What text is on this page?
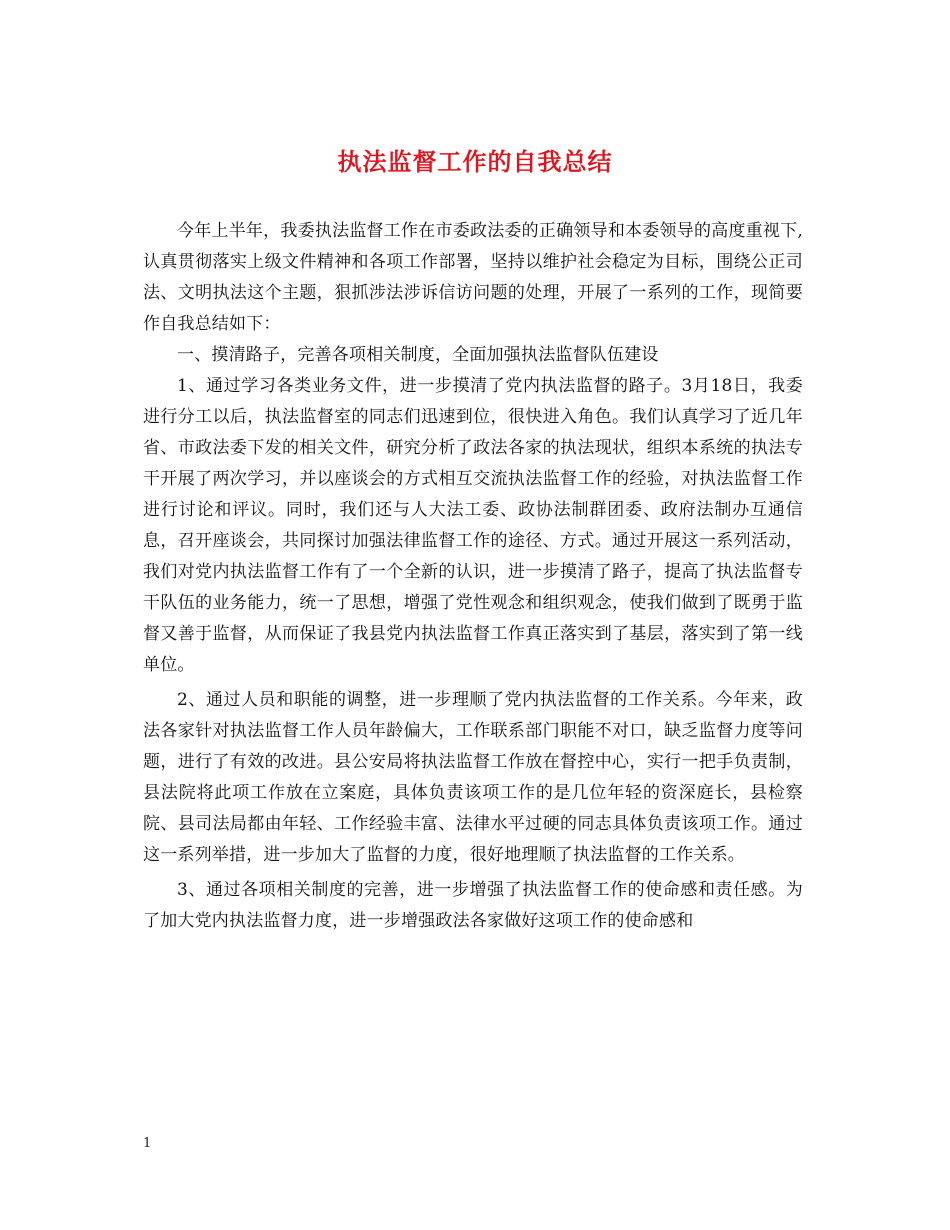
执法监督工作的自我总结

今年上半年，我委执法监督工作在市委政法委的正确领导和本委领导的高度重视下,认真贯彻落实上级文件精神和各项工作部署，坚持以维护社会稳定为目标，围绕公正司法、文明执法这个主题，狠抓涉法涉诉信访问题的处理，开展了一系列的工作，现简要作自我总结如下：

一、摸清路子，完善各项相关制度，全面加强执法监督队伍建设

1、通过学习各类业务文件，进一步摸清了党内执法监督的路子。3月18日，我委进行分工以后，执法监督室的同志们迅速到位，很快进入角色。我们认真学习了近几年省、市政法委下发的相关文件，研究分析了政法各家的执法现状，组织本系统的执法专干开展了两次学习，并以座谈会的方式相互交流执法监督工作的经验，对执法监督工作进行讨论和评议。同时，我们还与人大法工委、政协法制群团委、政府法制办互通信息，召开座谈会，共同探讨加强法律监督工作的途径、方式。通过开展这一系列活动，我们对党内执法监督工作有了一个全新的认识，进一步摸清了路子，提高了执法监督专干队伍的业务能力，统一了思想，增强了党性观念和组织观念，使我们做到了既勇于监督又善于监督，从而保证了我县党内执法监督工作真正落实到了基层，落实到了第一线单位。

2、通过人员和职能的调整，进一步理顺了党内执法监督的工作关系。今年来，政法各家针对执法监督工作人员年龄偏大，工作联系部门职能不对口，缺乏监督力度等问题，进行了有效的改进。县公安局将执法监督工作放在督控中心，实行一把手负责制，县法院将此项工作放在立案庭，具体负责该项工作的是几位年轻的资深庭长，县检察院、县司法局都由年轻、工作经验丰富、法律水平过硬的同志具体负责该项工作。通过这一系列举措，进一步加大了监督的力度，很好地理顺了执法监督的工作关系。

3、通过各项相关制度的完善，进一步增强了执法监督工作的使命感和责任感。为了加大党内执法监督力度，进一步增强政法各家做好这项工作的使命感和

1
